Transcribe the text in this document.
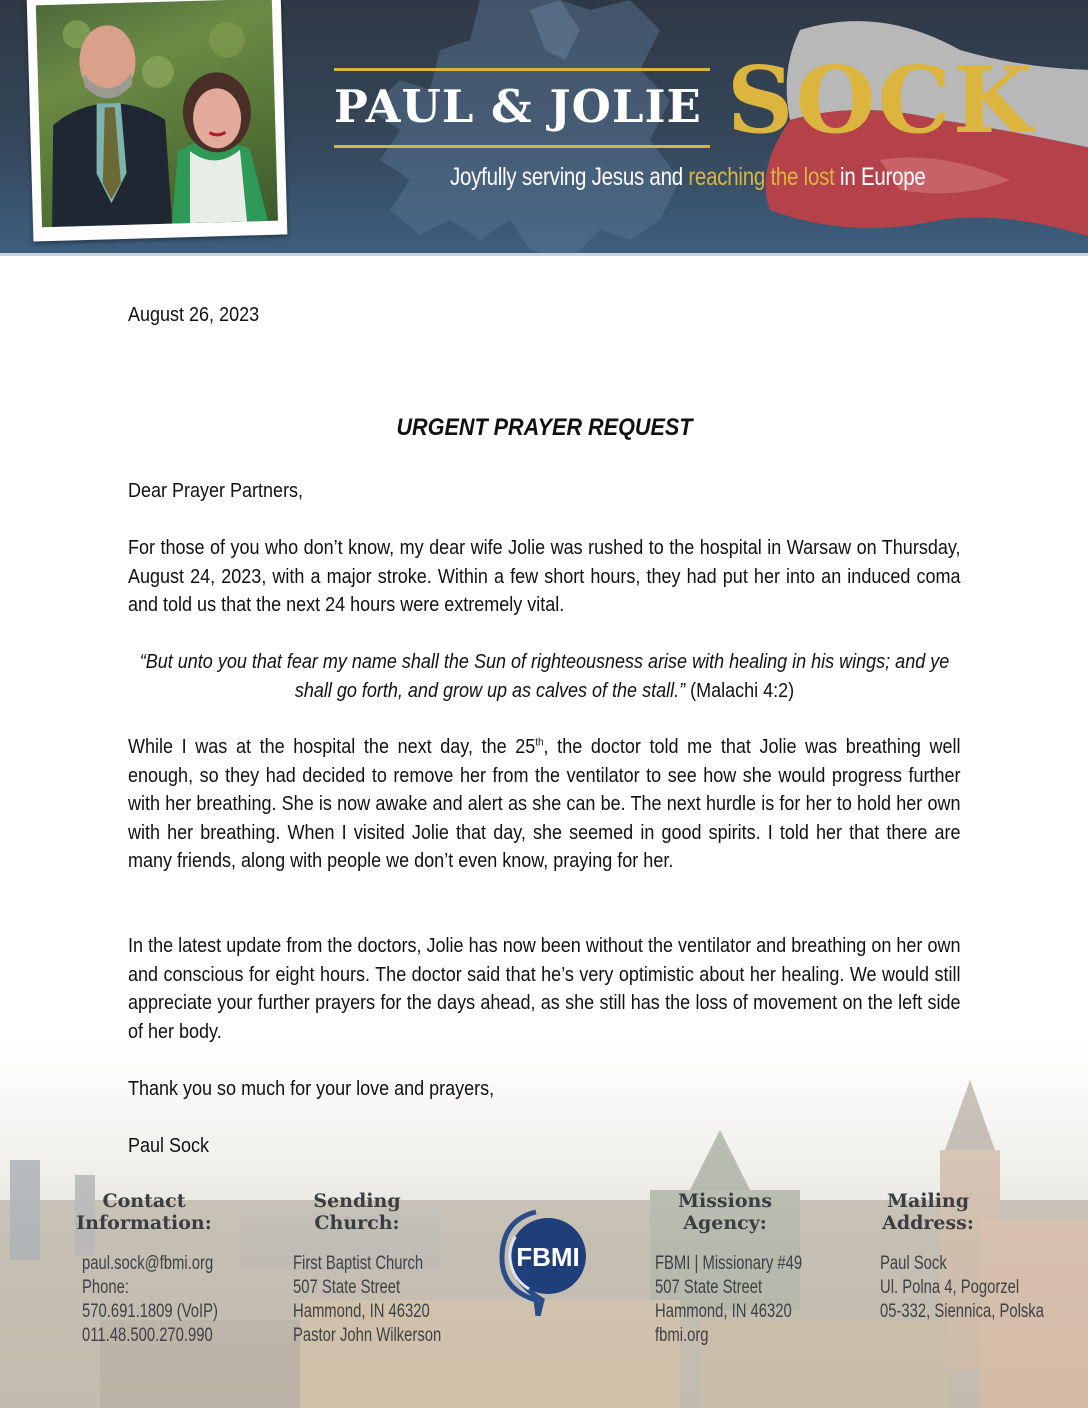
PAUL & JOLIE SOCK
Joyfully serving Jesus and reaching the lost in Europe
August 26, 2023
URGENT PRAYER REQUEST
Dear Prayer Partners,
For those of you who don’t know, my dear wife Jolie was rushed to the hospital in Warsaw on Thursday, August 24, 2023, with a major stroke. Within a few short hours, they had put her into an induced coma and told us that the next 24 hours were extremely vital.
“But unto you that fear my name shall the Sun of righteousness arise with healing in his wings; and ye shall go forth, and grow up as calves of the stall.” (Malachi 4:2)
While I was at the hospital the next day, the 25th, the doctor told me that Jolie was breathing well enough, so they had decided to remove her from the ventilator to see how she would progress further with her breathing. She is now awake and alert as she can be. The next hurdle is for her to hold her own with her breathing. When I visited Jolie that day, she seemed in good spirits. I told her that there are many friends, along with people we don’t even know, praying for her.
In the latest update from the doctors, Jolie has now been without the ventilator and breathing on her own and conscious for eight hours. The doctor said that he’s very optimistic about her healing. We would still appreciate your further prayers for the days ahead, as she still has the loss of movement on the left side of her body.
Thank you so much for your love and prayers,
Paul Sock
Contact
Information:
paul.sock@fbmi.org
Phone:
570.691.1809 (VoIP)
011.48.500.270.990
Sending
Church:
First Baptist Church
507 State Street
Hammond, IN 46320
Pastor John Wilkerson
FBMI
Missions
Agency:
FBMI | Missionary #49
507 State Street
Hammond, IN 46320
fbmi.org
Mailing
Address:
Paul Sock
Ul. Polna 4, Pogorzel
05-332, Siennica, Polska
